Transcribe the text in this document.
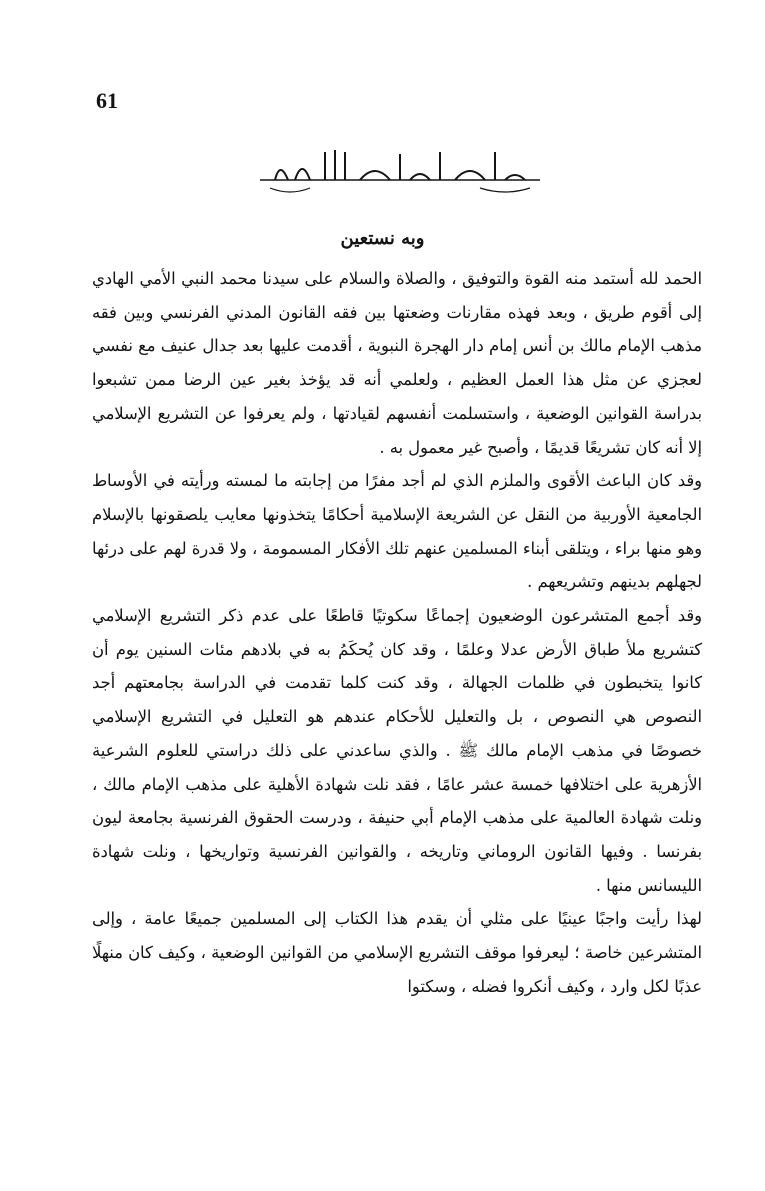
61
وبه نستعين

الحمد لله أستمد منه القوة والتوفيق ، والصلاة والسلام على سيدنا محمد النبي الأمي الهادي إلى أقوم طريق ، وبعد فهذه مقارنات وضعتها بين فقه القانون المدني الفرنسي وبين فقه مذهب الإمام مالك بن أنس إمام دار الهجرة النبوية ، أقدمت عليها بعد جدال عنيف مع نفسي لعجزي عن مثل هذا العمل العظيم ، ولعلمي أنه قد يؤخذ بغير عين الرضا ممن تشبعوا بدراسة القوانين الوضعية ، واستسلمت أنفسهم لقيادتها ، ولم يعرفوا عن التشريع الإسلامي إلا أنه كان تشريعًا قديمًا ، وأصبح غير معمول به .

وقد كان الباعث الأقوى والملزم الذي لم أجد مفرًا من إجابته ما لمسته ورأيته في الأوساط الجامعية الأوربية من النقل عن الشريعة الإسلامية أحكامًا يتخذونها معايب يلصقونها بالإسلام وهو منها براء ، ويتلقى أبناء المسلمين عنهم تلك الأفكار المسمومة ، ولا قدرة لهم على درئها لجهلهم بدينهم وتشريعهم .

وقد أجمع المتشرعون الوضعيون إجماعًا سكوتيًا قاطعًا على عدم ذكر التشريع الإسلامي كتشريع ملأ طباق الأرض عدلا وعلمًا ، وقد كان يُحكَمُ به في بلادهم مئات السنين يوم أن كانوا يتخبطون في ظلمات الجهالة ، وقد كنت كلما تقدمت في الدراسة بجامعتهم أجد النصوص هي النصوص ، بل والتعليل للأحكام عندهم هو التعليل في التشريع الإسلامي خصوصًا في مذهب الإمام مالك ﷺ . والذي ساعدني على ذلك دراستي للعلوم الشرعية الأزهرية على اختلافها خمسة عشر عامًا ، فقد نلت شهادة الأهلية على مذهب الإمام مالك ، ونلت شهادة العالمية على مذهب الإمام أبي حنيفة ، ودرست الحقوق الفرنسية بجامعة ليون بفرنسا . وفيها القانون الروماني وتاريخه ، والقوانين الفرنسية وتواريخها ، ونلت شهادة الليسانس منها .

لهذا رأيت واجبًا عينيًا على مثلي أن يقدم هذا الكتاب إلى المسلمين جميعًا عامة ، وإلى المتشرعين خاصة ؛ ليعرفوا موقف التشريع الإسلامي من القوانين الوضعية ، وكيف كان منهلًا عذبًا لكل وارد ، وكيف أنكروا فضله ، وسكتوا
